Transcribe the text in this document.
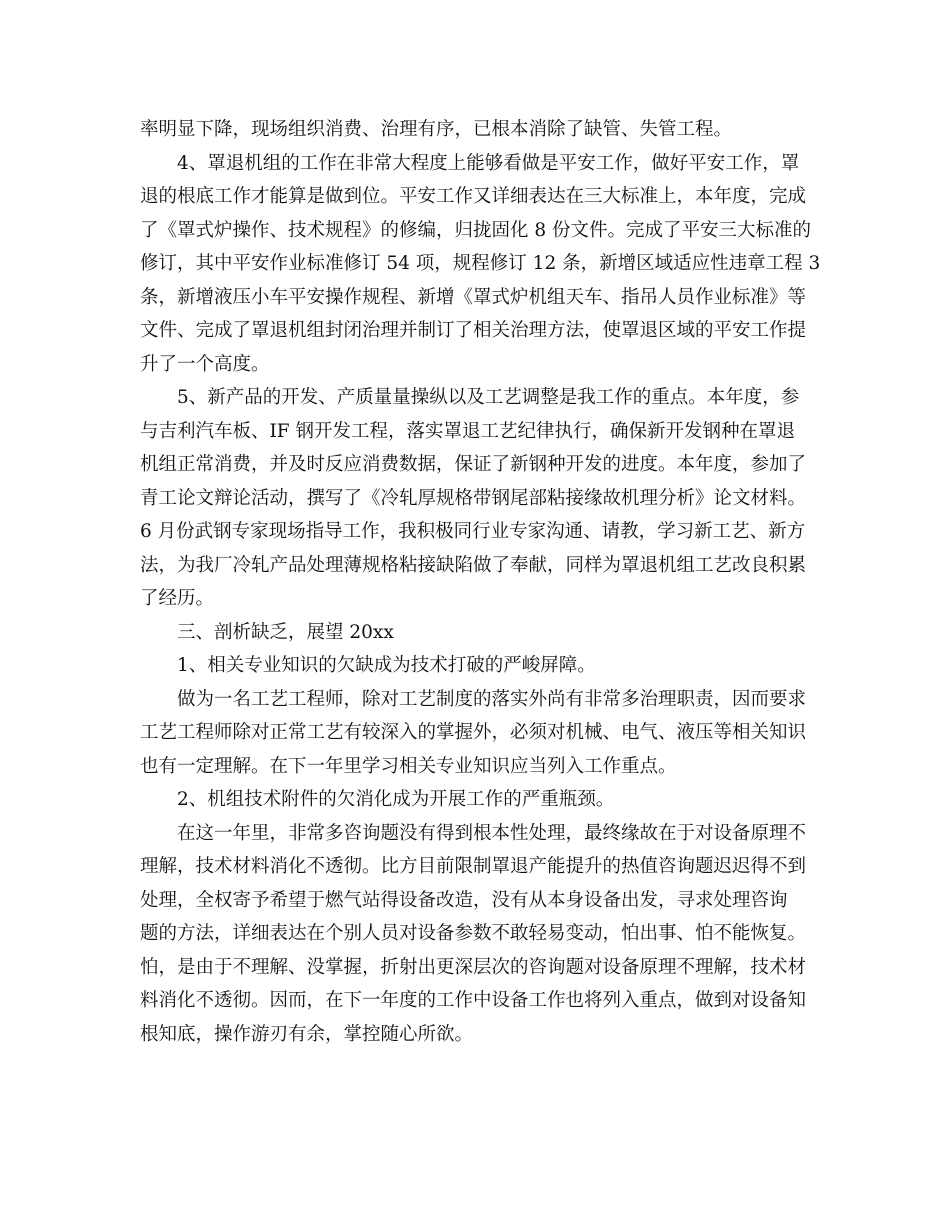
率明显下降，现场组织消费、治理有序，已根本消除了缺管、失管工程。
4、罩退机组的工作在非常大程度上能够看做是平安工作，做好平安工作，罩
退的根底工作才能算是做到位。平安工作又详细表达在三大标准上，本年度，完成
了《罩式炉操作、技术规程》的修编，归拢固化 8 份文件。完成了平安三大标准的
修订，其中平安作业标准修订 54 项，规程修订 12 条，新增区域适应性违章工程 3
条，新增液压小车平安操作规程、新增《罩式炉机组天车、指吊人员作业标准》等
文件、完成了罩退机组封闭治理并制订了相关治理方法，使罩退区域的平安工作提
升了一个高度。
5、新产品的开发、产质量量操纵以及工艺调整是我工作的重点。本年度，参
与吉利汽车板、IF 钢开发工程，落实罩退工艺纪律执行，确保新开发钢种在罩退
机组正常消费，并及时反应消费数据，保证了新钢种开发的进度。本年度，参加了
青工论文辩论活动，撰写了《冷轧厚规格带钢尾部粘接缘故机理分析》论文材料。
6 月份武钢专家现场指导工作，我积极同行业专家沟通、请教，学习新工艺、新方
法，为我厂冷轧产品处理薄规格粘接缺陷做了奉献，同样为罩退机组工艺改良积累
了经历。
三、剖析缺乏，展望 20xx
1、相关专业知识的欠缺成为技术打破的严峻屏障。
做为一名工艺工程师，除对工艺制度的落实外尚有非常多治理职责，因而要求
工艺工程师除对正常工艺有较深入的掌握外，必须对机械、电气、液压等相关知识
也有一定理解。在下一年里学习相关专业知识应当列入工作重点。
2、机组技术附件的欠消化成为开展工作的严重瓶颈。
在这一年里，非常多咨询题没有得到根本性处理，最终缘故在于对设备原理不
理解，技术材料消化不透彻。比方目前限制罩退产能提升的热值咨询题迟迟得不到
处理，全权寄予希望于燃气站得设备改造，没有从本身设备出发，寻求处理咨询
题的方法，详细表达在个别人员对设备参数不敢轻易变动，怕出事、怕不能恢复。
怕，是由于不理解、没掌握，折射出更深层次的咨询题对设备原理不理解，技术材
料消化不透彻。因而，在下一年度的工作中设备工作也将列入重点，做到对设备知
根知底，操作游刃有余，掌控随心所欲。
